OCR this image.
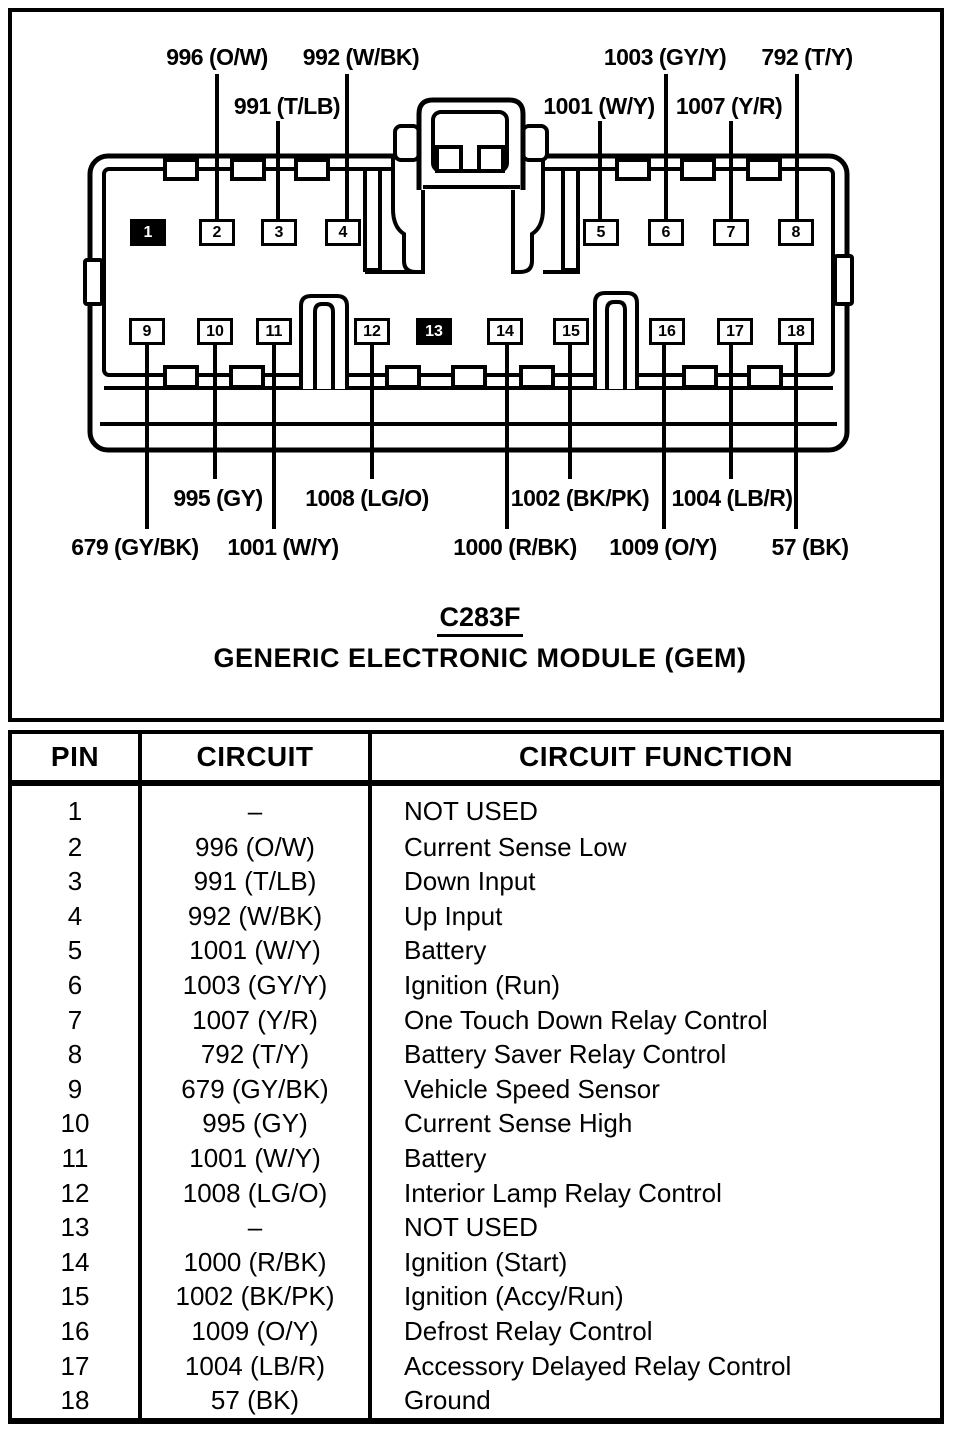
996 (O/W)	992 (W/BK)	1003 (GY/Y)	792 (T/Y)
991 (T/LB)	1001 (W/Y) 1007 (Y/R)
995 (GY)	1008 (LG/O)	1002 (BK/PK) 1004 (LB/R)
679 (GY/BK)	1001 (W/Y)	1000 (R/BK)	1009 (O/Y)	57 (BK)
1	2	3	4	5	6	7	8
9	10	11	12	13	14	15	16	17	18
C283F
GENERIC ELECTRONIC MODULE (GEM)
PIN	CIRCUIT	CIRCUIT FUNCTION
1	–	NOT USED
2	996 (O/W)	Current Sense Low
3	991 (T/LB)	Down Input
4	992 (W/BK)	Up Input
5	1001 (W/Y)	Battery
6	1003 (GY/Y)	Ignition (Run)
7	1007 (Y/R)	One Touch Down Relay Control
8	792 (T/Y)	Battery Saver Relay Control
9	679 (GY/BK)	Vehicle Speed Sensor
10	995 (GY)	Current Sense High
11	1001 (W/Y)	Battery
12	1008 (LG/O)	Interior Lamp Relay Control
13	–	NOT USED
14	1000 (R/BK)	Ignition (Start)
15	1002 (BK/PK)	Ignition (Accy/Run)
16	1009 (O/Y)	Defrost Relay Control
17	1004 (LB/R)	Accessory Delayed Relay Control
18	57 (BK)	Ground
